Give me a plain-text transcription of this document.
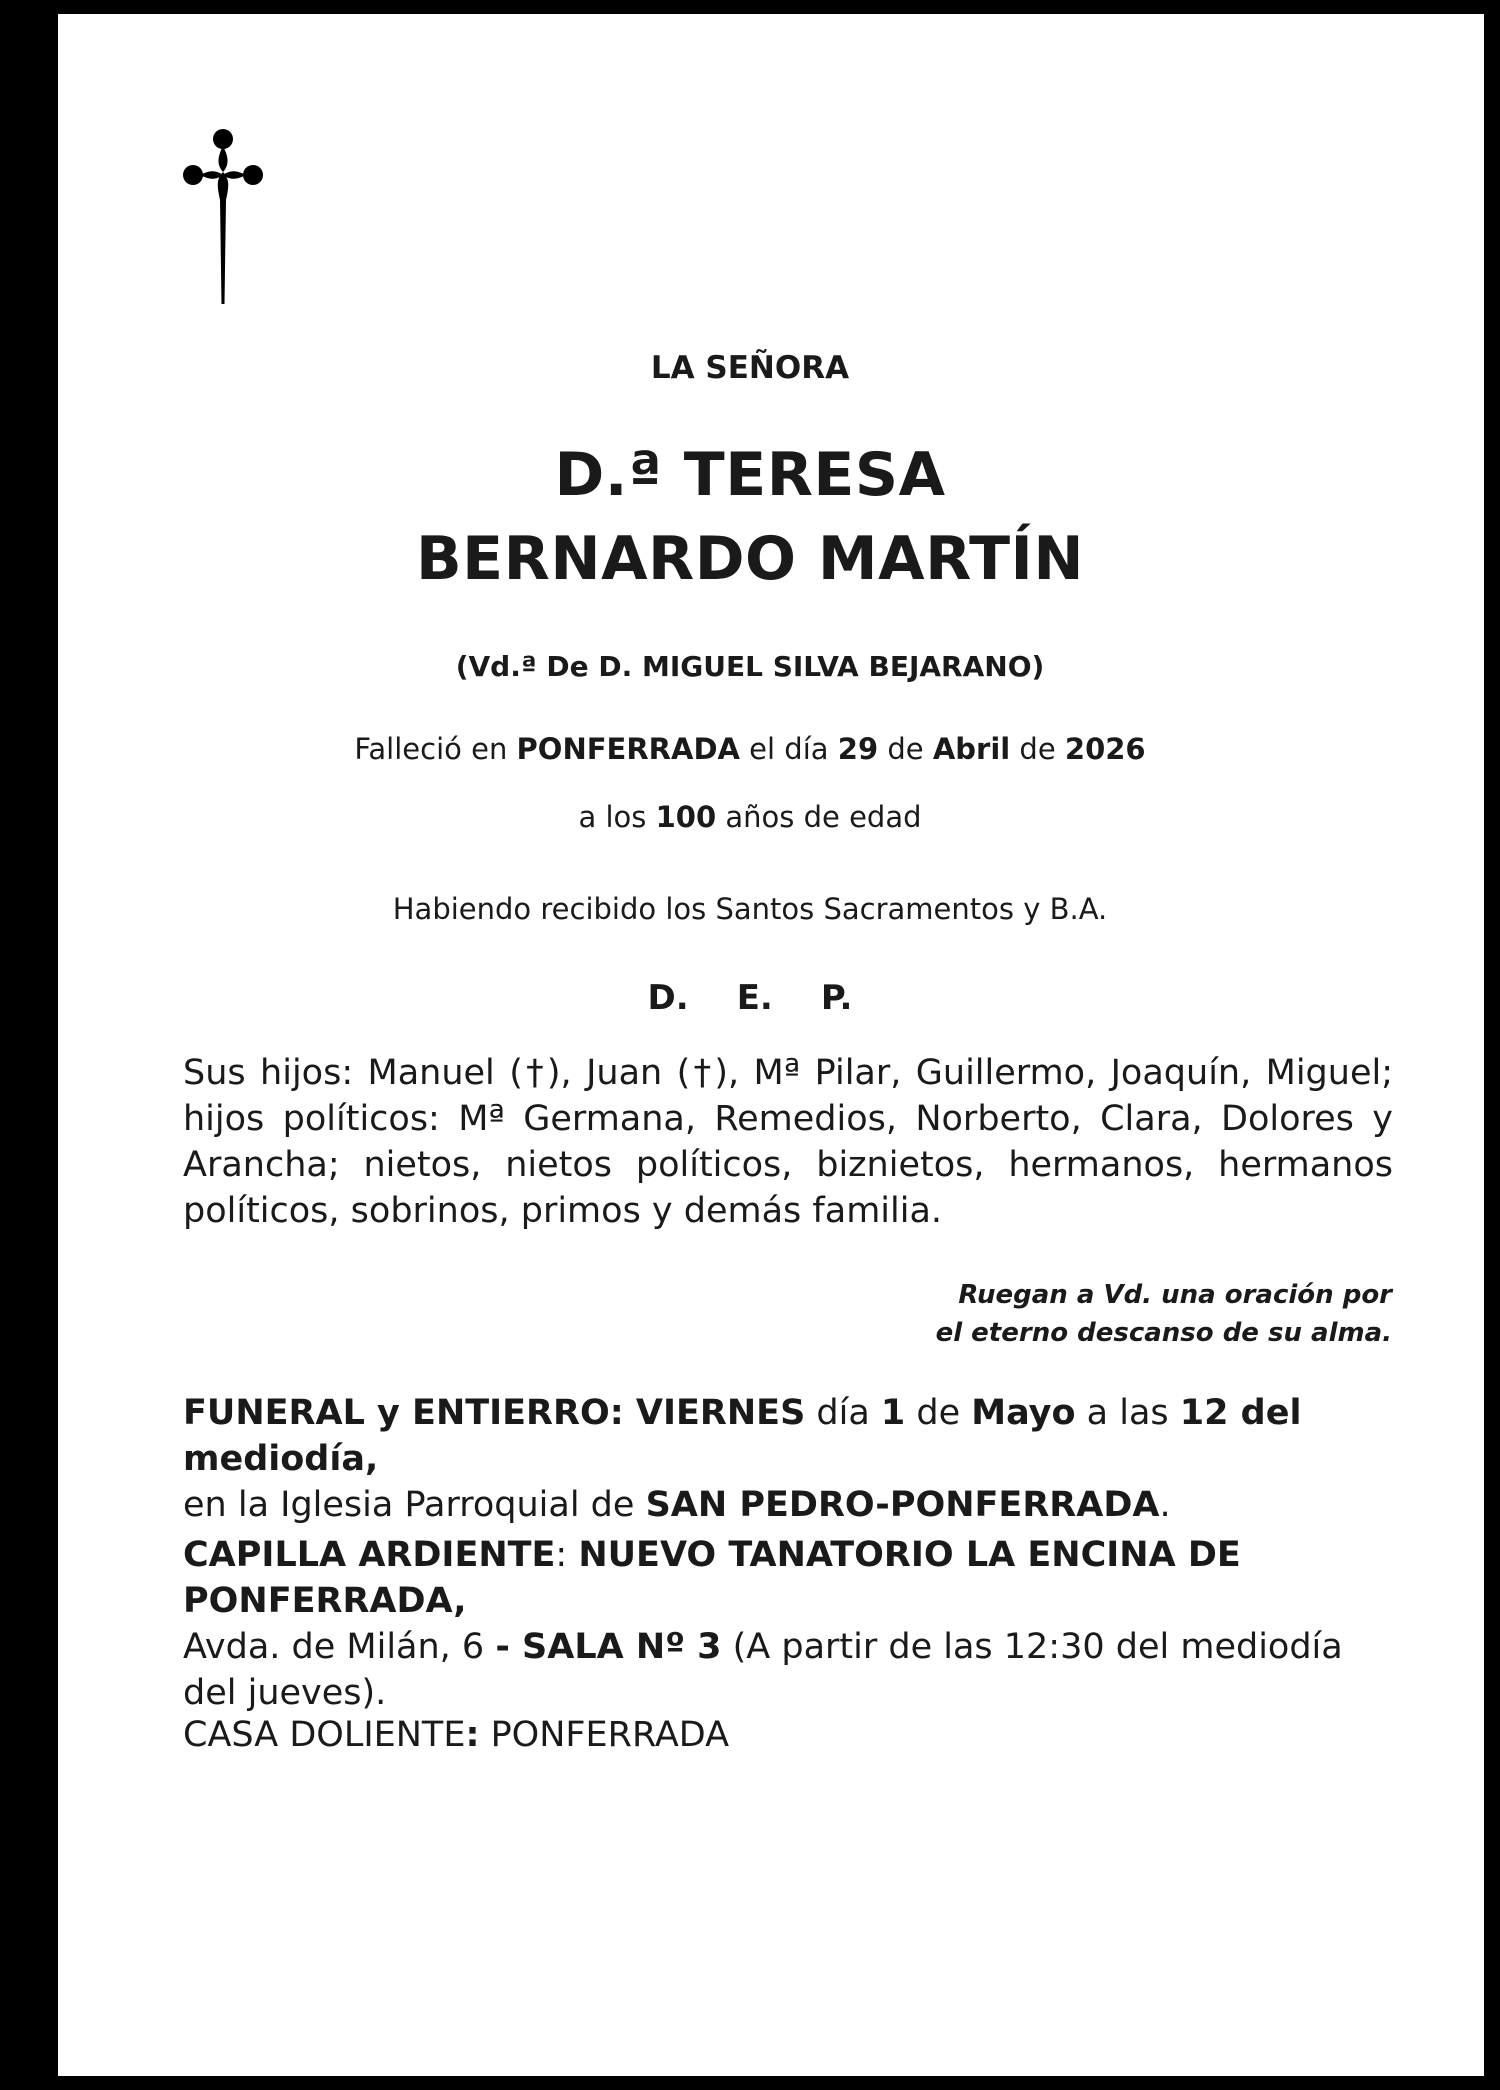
LA SEÑORA
D.ª TERESA
BERNARDO MARTÍN
(Vd.ª De D. MIGUEL SILVA BEJARANO)
Falleció en PONFERRADA el día 29 de Abril de 2026
a los 100 años de edad
Habiendo recibido los Santos Sacramentos y B.A.
D. E. P.
Sus hijos: Manuel (†), Juan (†), Mª Pilar, Guillermo, Joaquín, Miguel; hijos políticos: Mª Germana, Remedios, Norberto, Clara, Dolores y Arancha; nietos, nietos políticos, biznietos, hermanos, hermanos políticos, sobrinos, primos y demás familia.
Ruegan a Vd. una oración por
el eterno descanso de su alma.
FUNERAL y ENTIERRO: VIERNES día 1 de Mayo a las 12 del mediodía,
en la Iglesia Parroquial de SAN PEDRO-PONFERRADA.
CAPILLA ARDIENTE: NUEVO TANATORIO LA ENCINA DE PONFERRADA,
Avda. de Milán, 6 - SALA Nº 3 (A partir de las 12:30 del mediodía del jueves).
CASA DOLIENTE: PONFERRADA
